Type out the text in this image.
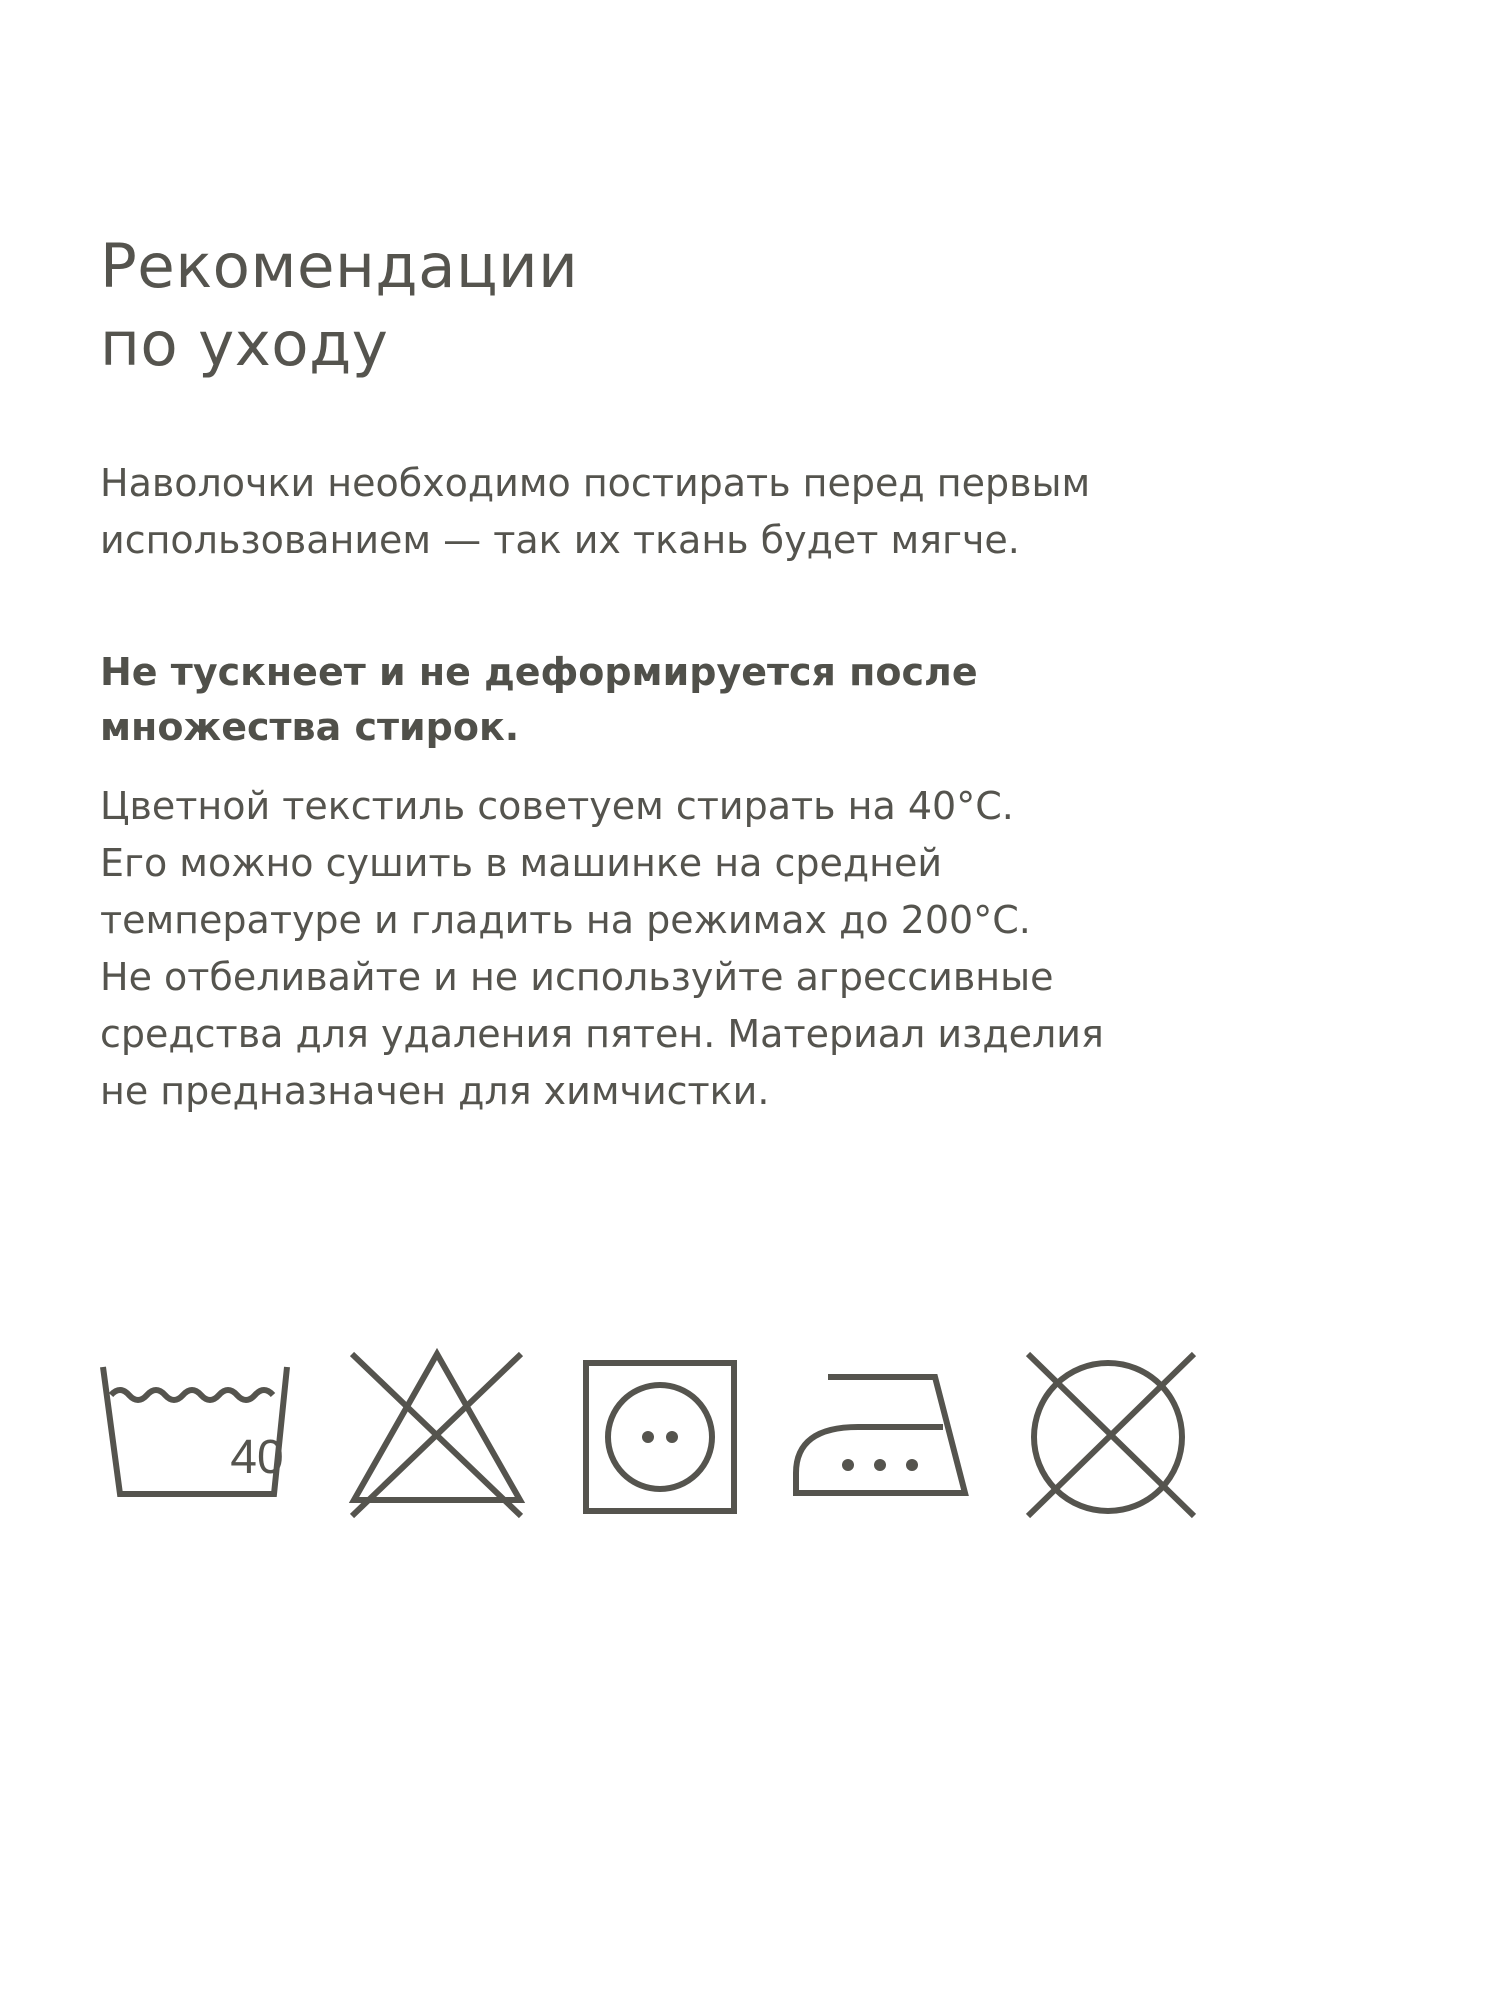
Рекомендации
по уходу

Наволочки необходимо постирать перед первым
использованием — так их ткань будет мягче.

Не тускнеет и не деформируется после
множества стирок.

Цветной текстиль советуем стирать на 40°С.
Его можно сушить в машинке на средней
температуре и гладить на режимах до 200°С.
Не отбеливайте и не используйте агрессивные
средства для удаления пятен. Материал изделия
не предназначен для химчистки.

40
